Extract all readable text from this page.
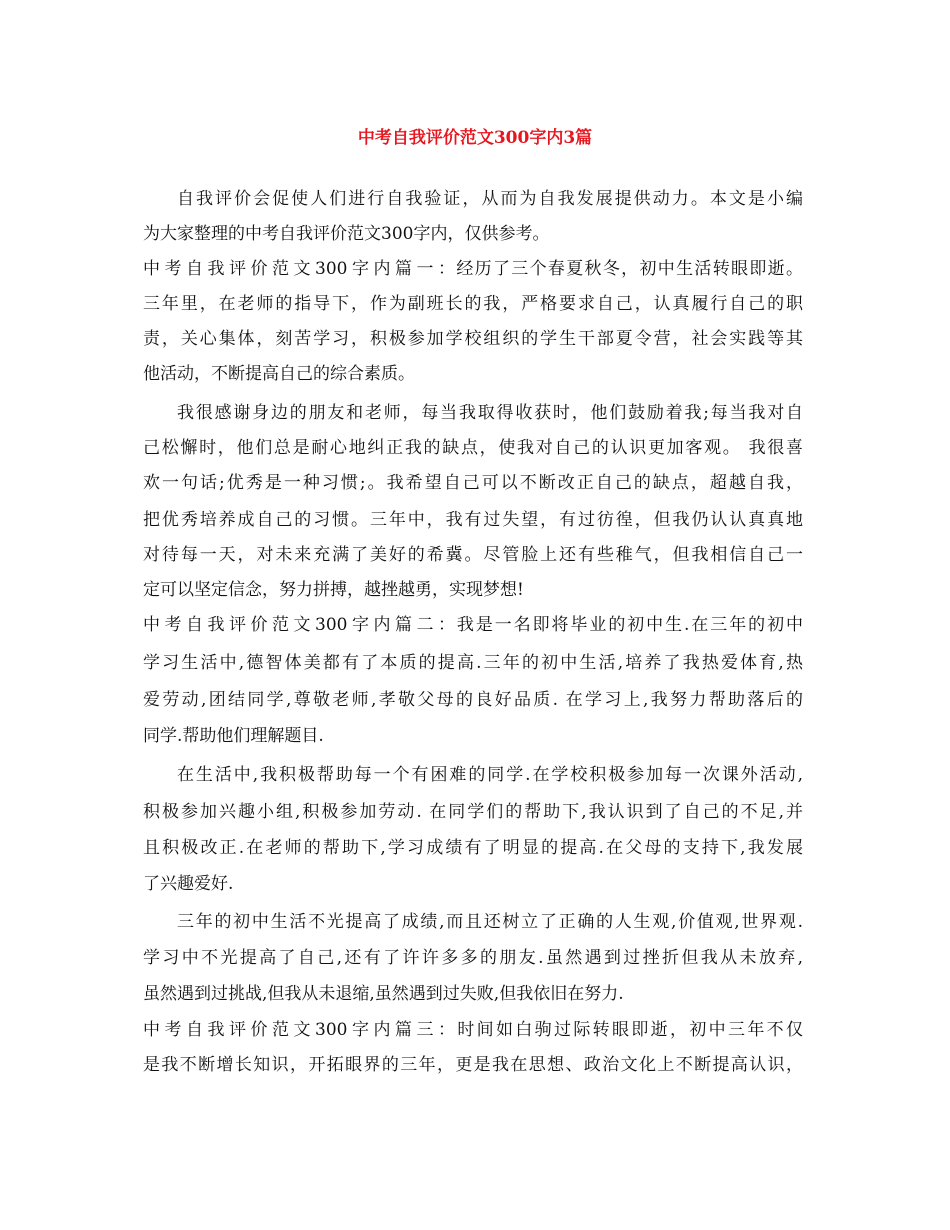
中考自我评价范文300字内3篇
自我评价会促使人们进行自我验证，从而为自我发展提供动力。本文是小编
为大家整理的中考自我评价范文300字内，仅供参考。
中考自我评价范文300字内篇一：经历了三个春夏秋冬，初中生活转眼即逝。
三年里，在老师的指导下，作为副班长的我，严格要求自己，认真履行自己的职
责，关心集体，刻苦学习，积极参加学校组织的学生干部夏令营，社会实践等其
他活动，不断提高自己的综合素质。
我很感谢身边的朋友和老师，每当我取得收获时，他们鼓励着我;每当我对自
己松懈时，他们总是耐心地纠正我的缺点，使我对自己的认识更加客观。 我很喜
欢一句话;优秀是一种习惯;。我希望自己可以不断改正自己的缺点，超越自我，
把优秀培养成自己的习惯。三年中，我有过失望，有过彷徨，但我仍认认真真地
对待每一天，对未来充满了美好的希冀。尽管脸上还有些稚气，但我相信自己一
定可以坚定信念，努力拼搏，越挫越勇，实现梦想!
中考自我评价范文300字内篇二：我是一名即将毕业的初中生.在三年的初中
学习生活中,德智体美都有了本质的提高.三年的初中生活,培养了我热爱体育,热
爱劳动,团结同学,尊敬老师,孝敬父母的良好品质. 在学习上,我努力帮助落后的
同学.帮助他们理解题目.
在生活中,我积极帮助每一个有困难的同学.在学校积极参加每一次课外活动,
积极参加兴趣小组,积极参加劳动. 在同学们的帮助下,我认识到了自己的不足,并
且积极改正.在老师的帮助下,学习成绩有了明显的提高.在父母的支持下,我发展
了兴趣爱好.
三年的初中生活不光提高了成绩,而且还树立了正确的人生观,价值观,世界观.
学习中不光提高了自己,还有了许许多多的朋友.虽然遇到过挫折但我从未放弃,
虽然遇到过挑战,但我从未退缩,虽然遇到过失败,但我依旧在努力.
中考自我评价范文300字内篇三：时间如白驹过际转眼即逝，初中三年不仅
是我不断增长知识，开拓眼界的三年，更是我在思想、政治文化上不断提高认识，
